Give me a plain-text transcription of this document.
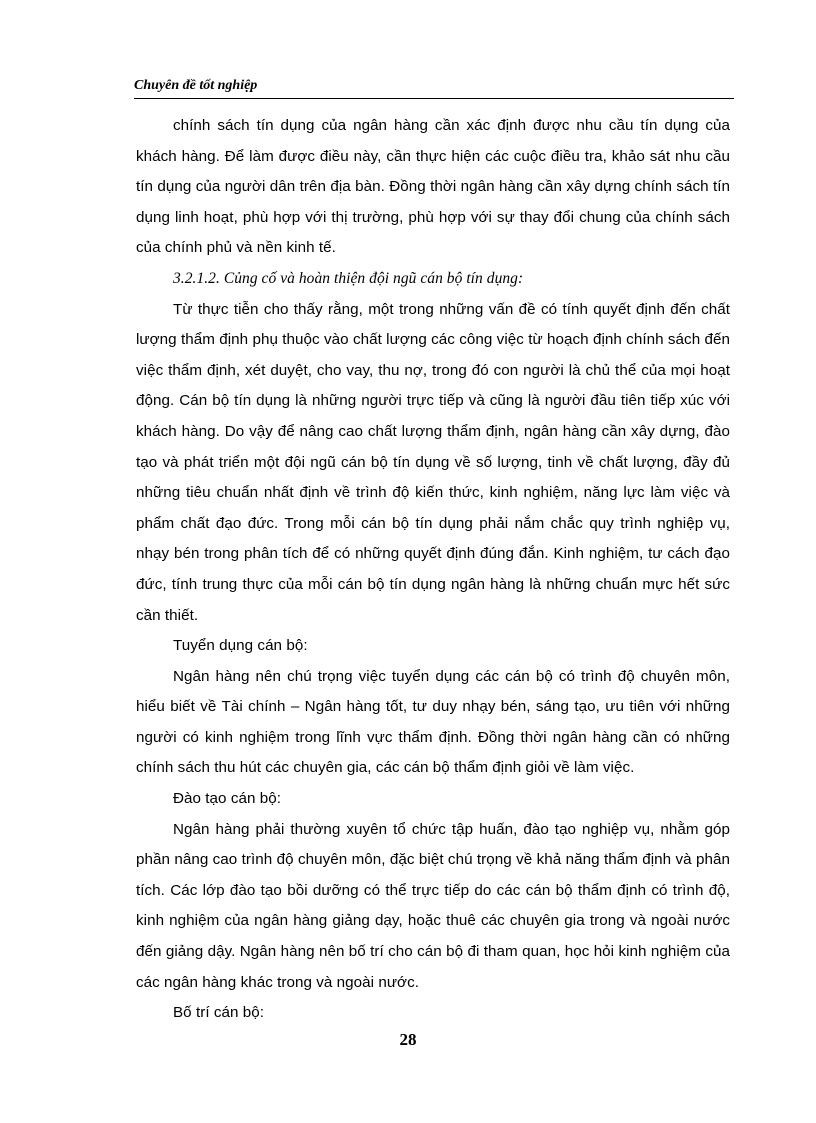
Chuyên đề tốt nghiệp

chính sách tín dụng của ngân hàng cần xác định được nhu cầu tín dụng của khách hàng. Để làm được điều này, cần thực hiện các cuộc điều tra, khảo sát nhu cầu tín dụng của người dân trên địa bàn. Đồng thời ngân hàng cần xây dựng chính sách tín dụng linh hoạt, phù hợp với thị trường, phù hợp với sự thay đổi chung của chính sách của chính phủ và nền kinh tế.

3.2.1.2. Củng cố và hoàn thiện đội ngũ cán bộ tín dụng:

Từ thực tiễn cho thấy rằng, một trong những vấn đề có tính quyết định đến chất lượng thẩm định phụ thuộc vào chất lượng các công việc từ hoạch định chính sách đến việc thẩm định, xét duyệt, cho vay, thu nợ, trong đó con người là chủ thể của mọi hoạt động. Cán bộ tín dụng là những người trực tiếp và cũng là người đầu tiên tiếp xúc với khách hàng. Do vậy để nâng cao chất lượng thẩm định, ngân hàng cần xây dựng, đào tạo và phát triển một đội ngũ cán bộ tín dụng về số lượng, tinh về chất lượng, đầy đủ những tiêu chuẩn nhất định về trình độ kiến thức, kinh nghiệm, năng lực làm việc và phẩm chất đạo đức. Trong mỗi cán bộ tín dụng phải nắm chắc quy trình nghiệp vụ, nhạy bén trong phân tích để có những quyết định đúng đắn. Kinh nghiệm, tư cách đạo đức, tính trung thực của mỗi cán bộ tín dụng ngân hàng là những chuẩn mực hết sức cần thiết.

Tuyển dụng cán bộ:

Ngân hàng nên chú trọng việc tuyển dụng các cán bộ có trình độ chuyên môn, hiểu biết về Tài chính – Ngân hàng tốt, tư duy nhạy bén, sáng tạo, ưu tiên với những người có kinh nghiệm trong lĩnh vực thẩm định. Đồng thời ngân hàng cần có những chính sách thu hút các chuyên gia, các cán bộ thẩm định giỏi về làm việc.

Đào tạo cán bộ:

Ngân hàng phải thường xuyên tổ chức tập huấn, đào tạo nghiệp vụ, nhằm góp phần nâng cao trình độ chuyên môn, đặc biệt chú trọng về khả năng thẩm định và phân tích. Các lớp đào tạo bồi dưỡng có thể trực tiếp do các cán bộ thẩm định có trình độ, kinh nghiệm của ngân hàng giảng dạy, hoặc thuê các chuyên gia trong và ngoài nước đến giảng dậy. Ngân hàng nên bố trí cho cán bộ đi tham quan, học hỏi kinh nghiệm của các ngân hàng khác trong và ngoài nước.

Bố trí cán bộ:

28
